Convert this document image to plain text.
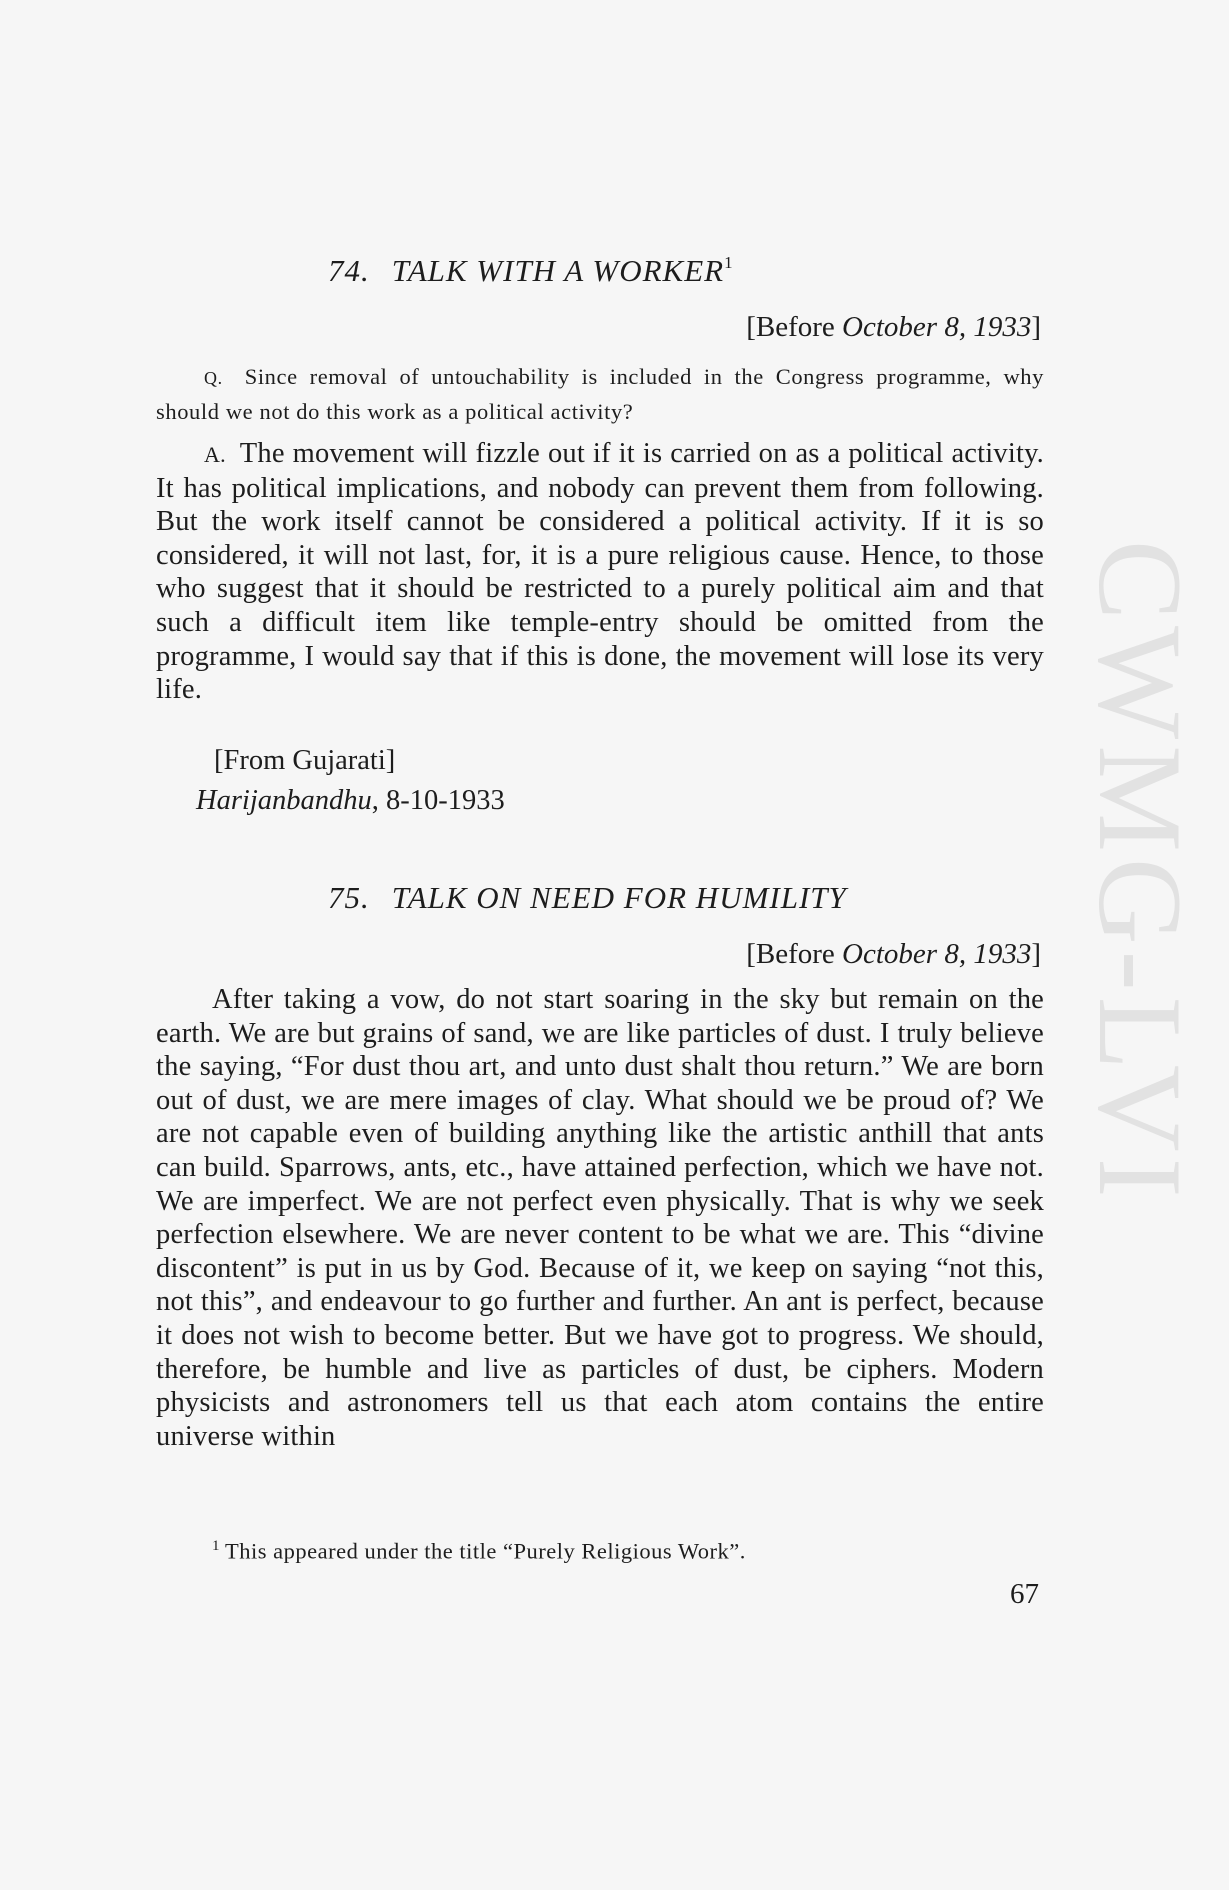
CWMG-LVI
74. TALK WITH A WORKER$^1$
[Before October 8, 1933]
Q. Since removal of untouchability is included in the Congress programme, why should we not do this work as a political activity?

A. The movement will fizzle out if it is carried on as a political activity. It has political implications, and nobody can prevent them from following. But the work itself cannot be considered a political activity. If it is so considered, it will not last, for, it is a pure religious cause. Hence, to those who suggest that it should be restricted to a purely political aim and that such a difficult item like temple-entry should be omitted from the programme, I would say that if this is done, the movement will lose its very life.

[From Gujarati]
Harijanbandhu, 8-10-1933
75. TALK ON NEED FOR HUMILITY
[Before October 8, 1933]

After taking a vow, do not start soaring in the sky but remain on the earth. We are but grains of sand, we are like particles of dust. I truly believe the saying, “For dust thou art, and unto dust shalt thou return.” We are born out of dust, we are mere images of clay. What should we be proud of? We are not capable even of building anything like the artistic anthill that ants can build. Sparrows, ants, etc., have attained perfection, which we have not. We are imperfect. We are not perfect even physically. That is why we seek perfection elsewhere. We are never content to be what we are. This “divine discontent” is put in us by God. Because of it, we keep on saying “not this, not this”, and endeavour to go further and further. An ant is perfect, because it does not wish to become better. But we have got to progress. We should, therefore, be humble and live as particles of dust, be ciphers. Modern physicists and astronomers tell us that each atom contains the entire universe within

$^1$ This appeared under the title “Purely Religious Work”.
67
